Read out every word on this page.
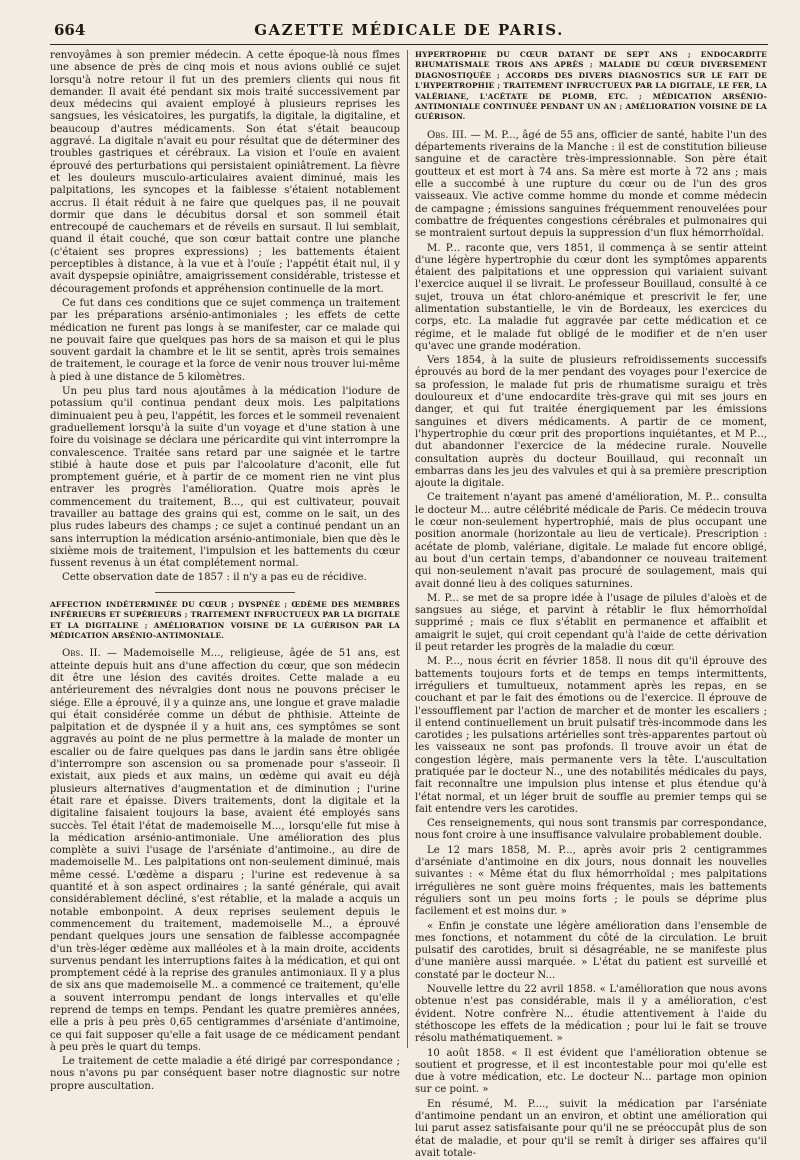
664	GAZETTE MÉDICALE DE PARIS.

renvoyâmes à son premier médecin. A cette époque-là nous fîmes une absence de près de cinq mois et nous avions oublié ce sujet lorsqu'à notre retour il fut un des premiers clients qui nous fit demander. Il avait été pendant six mois traité successivement par deux médecins qui avaient employé à plusieurs reprises les sangsues, les vésicatoires, les purgatifs, la digitale, la digitaline, et beaucoup d'autres médicaments. Son état s'était beaucoup aggravé. La digitale n'avait eu pour résultat que de déterminer des troubles gastriques et cérébraux. La vision et l'ouïe en avaient éprouvé des perturbations qui persistaient opiniâtrement. La fièvre et les douleurs musculo-articulaires avaient diminué, mais les palpitations, les syncopes et la faiblesse s'étaient notablement accrus. Il était réduit à ne faire que quelques pas, il ne pouvait dormir que dans le décubitus dorsal et son sommeil était entrecoupé de cauchemars et de réveils en sursaut. Il lui semblait, quand il était couché, que son cœur battait contre une planche (c'étaient ses propres expressions) ; les battements étaient perceptibles à distance, à la vue et à l'ouïe ; l'appétit était nul, il y avait dyspepsie opiniâtre, amaigrissement considérable, tristesse et découragement profonds et appréhension continuelle de la mort.

Ce fut dans ces conditions que ce sujet commença un traitement par les préparations arsénio-antimoniales ; les effets de cette médication ne furent pas longs à se manifester, car ce malade qui ne pouvait faire que quelques pas hors de sa maison et qui le plus souvent gardait la chambre et le lit se sentit, après trois semaines de traitement, le courage et la force de venir nous trouver lui-même à pied à une distance de 5 kilomètres.

Un peu plus tard nous ajoutâmes à la médication l'iodure de potassium qu'il continua pendant deux mois. Les palpitations diminuaient peu à peu, l'appétit, les forces et le sommeil revenaient graduellement lorsqu'à la suite d'un voyage et d'une station à une foire du voisinage se déclara une péricardite qui vint interrompre la convalescence. Traitée sans retard par une saignée et le tartre stibié à haute dose et puis par l'alcoolature d'aconit, elle fut promptement guérie, et à partir de ce moment rien ne vint plus entraver les progrès l'amélioration. Quatre mois après le commencement du traitement, B..., qui est cultivateur, pouvait travailler au battage des grains qui est, comme on le sait, un des plus rudes labeurs des champs ; ce sujet a continué pendant un an sans interruption la médication arsénio-antimoniale, bien que dès le sixième mois de traitement, l'impulsion et les battements du cœur fussent revenus à un état complétement normal.

Cette observation date de 1857 : il n'y a pas eu de récidive.

AFFECTION INDÉTERMINÉE DU CŒUR ; DYSPNÉE ; ŒDÈME DES MEMBRES INFÉRIEURS ET SUPÉRIEURS ; TRAITEMENT INFRUCTUEUX PAR LA DIGITALE ET LA DIGITALINE ; AMÉLIORATION VOISINE DE LA GUÉRISON PAR LA MÉDICATION ARSÉNIO-ANTIMONIALE.

Obs. II. — Mademoiselle M..., religieuse, âgée de 51 ans, est atteinte depuis huit ans d'une affection du cœur, que son médecin dit être une lésion des cavités droites. Cette malade a eu antérieurement des névralgies dont nous ne pouvons préciser le siége. Elle a éprouvé, il y a quinze ans, une longue et grave maladie qui était considérée comme un début de phthisie. Atteinte de palpitation et de dyspnée il y a huit ans, ces symptômes se sont aggravés au point de ne plus permettre à la malade de monter un escalier ou de faire quelques pas dans le jardin sans être obligée d'interrompre son ascension ou sa promenade pour s'asseoir. Il existait, aux pieds et aux mains, un œdème qui avait eu déjà plusieurs alternatives d'augmentation et de diminution ; l'urine était rare et épaisse. Divers traitements, dont la digitale et la digitaline faisaient toujours la base, avaient été employés sans succès. Tel était l'état de mademoiselle M..., lorsqu'elle fut mise à la médication arsénio-antimoniale. Une amélioration des plus complète a suivi l'usage de l'arséniate d'antimoine., au dire de mademoiselle M.. Les palpitations ont non-seulement diminué, mais même cessé. L'œdème a disparu ; l'urine est redevenue à sa quantité et à son aspect ordinaires ; la santé générale, qui avait considérablement décliné, s'est rétablie, et la malade a acquis un notable embonpoint. A deux reprises seulement depuis le commencement du traitement, mademoiselle M.., a éprouvé pendant quelques jours une sensation de faiblesse accompagnée d'un très-léger œdème aux malléoles et à la main droite, accidents survenus pendant les interruptions faites à la médication, et qui ont promptement cédé à la reprise des granules antimoniaux. Il y a plus de six ans que mademoiselle M.. a commencé ce traitement, qu'elle a souvent interrompu pendant de longs intervalles et qu'elle reprend de temps en temps. Pendant les quatre premières années, elle a pris à peu près 0,65 centigrammes d'arséniate d'antimoine, ce qui fait supposer qu'elle a fait usage de ce médicament pendant à peu près le quart du temps.

Le traitement de cette maladie a été dirigé par correspondance ; nous n'avons pu par conséquent baser notre diagnostic sur notre propre auscultation.

HYPERTROPHIE DU CŒUR DATANT DE SEPT ANS ; ENDOCARDITE RHUMATISMALE TROIS ANS APRÈS ; MALADIE DU CŒUR DIVERSEMENT DIAGNOSTIQUÉE ; ACCORDS DES DIVERS DIAGNOSTICS SUR LE FAIT DE L'HYPERTROPHIE ; TRAITEMENT INFRUCTUEUX PAR LA DIGITALE, LE FER, LA VALÉRIANE, L'ACÉTATE DE PLOMB, ETC. ; MÉDICATION ARSÉNIO-ANTIMONIALE CONTINUÉE PENDANT UN AN ; AMÉLIORATION VOISINE DE LA GUÉRISON.

Obs. III. — M. P..., âgé de 55 ans, officier de santé, habite l'un des départements riverains de la Manche : il est de constitution bilieuse sanguine et de caractère très-impressionnable. Son père était goutteux et est mort à 74 ans. Sa mère est morte à 72 ans ; mais elle a succombé à une rupture du cœur ou de l'un des gros vaisseaux. Vie active comme homme du monde et comme médecin de campagne ; émissions sanguines fréquemment renouvelées pour combattre de fréquentes congestions cérébrales et pulmonaires qui se montraient surtout depuis la suppression d'un flux hémorrhoïdal.

M. P... raconte que, vers 1851, il commença à se sentir atteint d'une légère hypertrophie du cœur dont les symptômes apparents étaient des palpitations et une oppression qui variaient suivant l'exercice auquel il se livrait. Le professeur Bouillaud, consulté à ce sujet, trouva un état chloro-anémique et prescrivit le fer, une alimentation substantielle, le vin de Bordeaux, les exercices du corps, etc. La maladie fut aggravée par cette médication et ce régime, et le malade fut obligé de le modifier et de n'en user qu'avec une grande modération.

Vers 1854, à la suite de plusieurs refroidissements successifs éprouvés au bord de la mer pendant des voyages pour l'exercice de sa profession, le malade fut pris de rhumatisme suraigu et très douloureux et d'une endocardite très-grave qui mit ses jours en danger, et qui fut traitée énergiquement par les émissions sanguines et divers médicaments. A partir de ce moment, l'hypertrophie du cœur prit des proportions inquiétantes, et M P..., dut abandonner l'exercice de la médecine rurale. Nouvelle consultation auprès du docteur Bouillaud, qui reconnaît un embarras dans les jeu des valvules et qui à sa première prescription ajoute la digitale.

Ce traitement n'ayant pas amené d'amélioration, M. P... consulta le docteur M... autre célébrité médicale de Paris. Ce médecin trouva le cœur non-seulement hypertrophié, mais de plus occupant une position anormale (horizontale au lieu de verticale). Prescription : acétate de plomb, valériane, digitale. Le malade fut encore obligé, au bout d'un certain temps, d'abandonner ce nouveau traitement qui non-seulement n'avait pas procuré de soulagement, mais qui avait donné lieu à des coliques saturnines.

M. P... se met de sa propre idée à l'usage de pilules d'aloès et de sangsues au siége, et parvint à rétablir le flux hémorrhoïdal supprimé ; mais ce flux s'établit en permanence et affaiblit et amaigrit le sujet, qui croit cependant qu'à l'aide de cette dérivation il peut retarder les progrès de la maladie du cœur.

M. P..., nous écrit en février 1858. Il nous dit qu'il éprouve des battements toujours forts et de temps en temps intermittents, irréguliers et tumultueux, notamment après les repas, en se couchant et par le fait des émotions ou de l'exercice. Il éprouve de l'essoufflement par l'action de marcher et de monter les escaliers ; il entend continuellement un bruit pulsatif très-incommode dans les carotides ; les pulsations artérielles sont très-apparentes partout où les vaisseaux ne sont pas profonds. Il trouve avoir un état de congestion légère, mais permanente vers la tête. L'auscultation pratiquée par le docteur N.., une des notabilités médicales du pays, fait reconnaître une impulsion plus intense et plus étendue qu'à l'état normal, et un léger bruit de souffle au premier temps qui se fait entendre vers les carotides.

Ces renseignements, qui nous sont transmis par correspondance, nous font croire à une insuffisance valvulaire probablement double.

Le 12 mars 1858, M. P..., après avoir pris 2 centigrammes d'arséniate d'antimoine en dix jours, nous donnait les nouvelles suivantes : « Même état du flux hémorrhoïdal ; mes palpitations irrégulières ne sont guère moins fréquentes, mais les battements réguliers sont un peu moins forts ; le pouls se déprime plus facilement et est moins dur. »

« Enfin je constate une légère amélioration dans l'ensemble de mes fonctions, et notamment du côté de la circulation. Le bruit pulsatif des carotides, bruit si désagréable, ne se manifeste plus d'une manière aussi marquée. » L'état du patient est surveillé et constaté par le docteur N...

Nouvelle lettre du 22 avril 1858. « L'amélioration que nous avons obtenue n'est pas considérable, mais il y a amélioration, c'est évident. Notre confrère N... étudie attentivement à l'aide du stéthoscope les effets de la médication ; pour lui le fait se trouve résolu mathématiquement. »

10 août 1858. « Il est évident que l'amélioration obtenue se soutient et progresse, et il est incontestable pour moi qu'elle est due à votre médication, etc. Le docteur N... partage mon opinion sur ce point. »

En résumé, M. P...., suivit la médication par l'arséniate d'antimoine pendant un an environ, et obtint une amélioration qui lui parut assez satisfaisante pour qu'il ne se préoccupât plus de son état de maladie, et pour qu'il se remît à diriger ses affaires qu'il avait totale-
